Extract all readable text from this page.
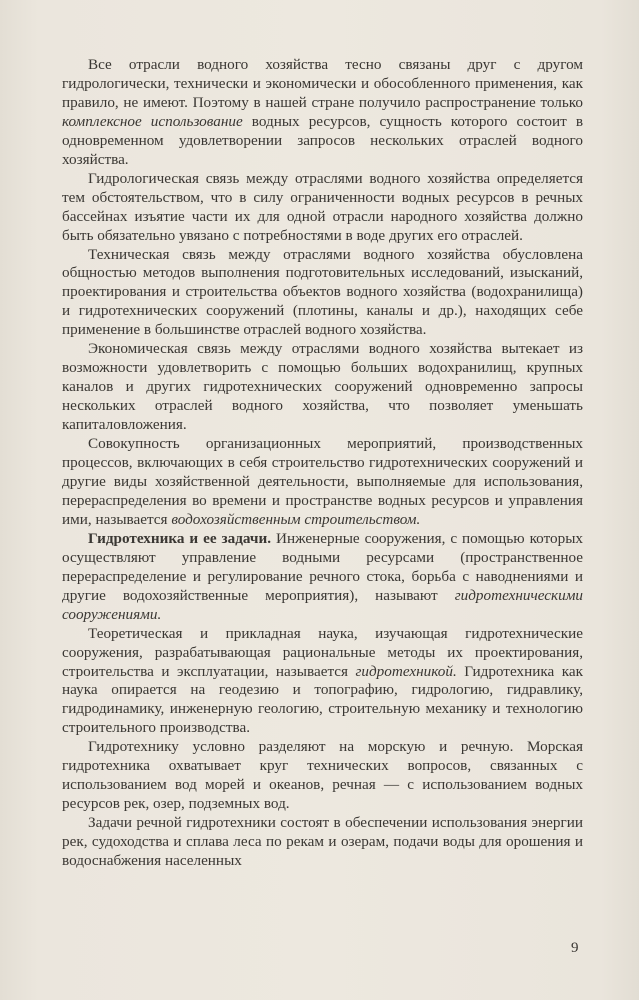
Все отрасли водного хозяйства тесно связаны друг с другом гидрологически, технически и экономически и обособленного применения, как правило, не имеют. Поэтому в нашей стране получило распространение только комплексное использование водных ресурсов, сущность которого состоит в одновременном удовлетворении запросов нескольких отраслей водного хозяйства.

Гидрологическая связь между отраслями водного хозяйства определяется тем обстоятельством, что в силу ограниченности водных ресурсов в речных бассейнах изъятие части их для одной отрасли народного хозяйства должно быть обязательно увязано с потребностями в воде других его отраслей.

Техническая связь между отраслями водного хозяйства обусловлена общностью методов выполнения подготовительных исследований, изысканий, проектирования и строительства объектов водного хозяйства (водохранилища) и гидротехнических сооружений (плотины, каналы и др.), находящих себе применение в большинстве отраслей водного хозяйства.

Экономическая связь между отраслями водного хозяйства вытекает из возможности удовлетворить с помощью больших водохранилищ, крупных каналов и других гидротехнических сооружений одновременно запросы нескольких отраслей водного хозяйства, что позволяет уменьшать капиталовложения.

Совокупность организационных мероприятий, производственных процессов, включающих в себя строительство гидротехнических сооружений и другие виды хозяйственной деятельности, выполняемые для использования, перераспределения во времени и пространстве водных ресурсов и управления ими, называется водохозяйственным строительством.

Гидротехника и ее задачи. Инженерные сооружения, с помощью которых осуществляют управление водными ресурсами (пространственное перераспределение и регулирование речного стока, борьба с наводнениями и другие водохозяйственные мероприятия), называют гидротехническими сооружениями.

Теоретическая и прикладная наука, изучающая гидротехнические сооружения, разрабатывающая рациональные методы их проектирования, строительства и эксплуатации, называется гидротехникой. Гидротехника как наука опирается на геодезию и топографию, гидрологию, гидравлику, гидродинамику, инженерную геологию, строительную механику и технологию строительного производства.

Гидротехнику условно разделяют на морскую и речную. Морская гидротехника охватывает круг технических вопросов, связанных с использованием вод морей и океанов, речная — с использованием водных ресурсов рек, озер, подземных вод.

Задачи речной гидротехники состоят в обеспечении использования энергии рек, судоходства и сплава леса по рекам и озерам, подачи воды для орошения и водоснабжения населенных

9
